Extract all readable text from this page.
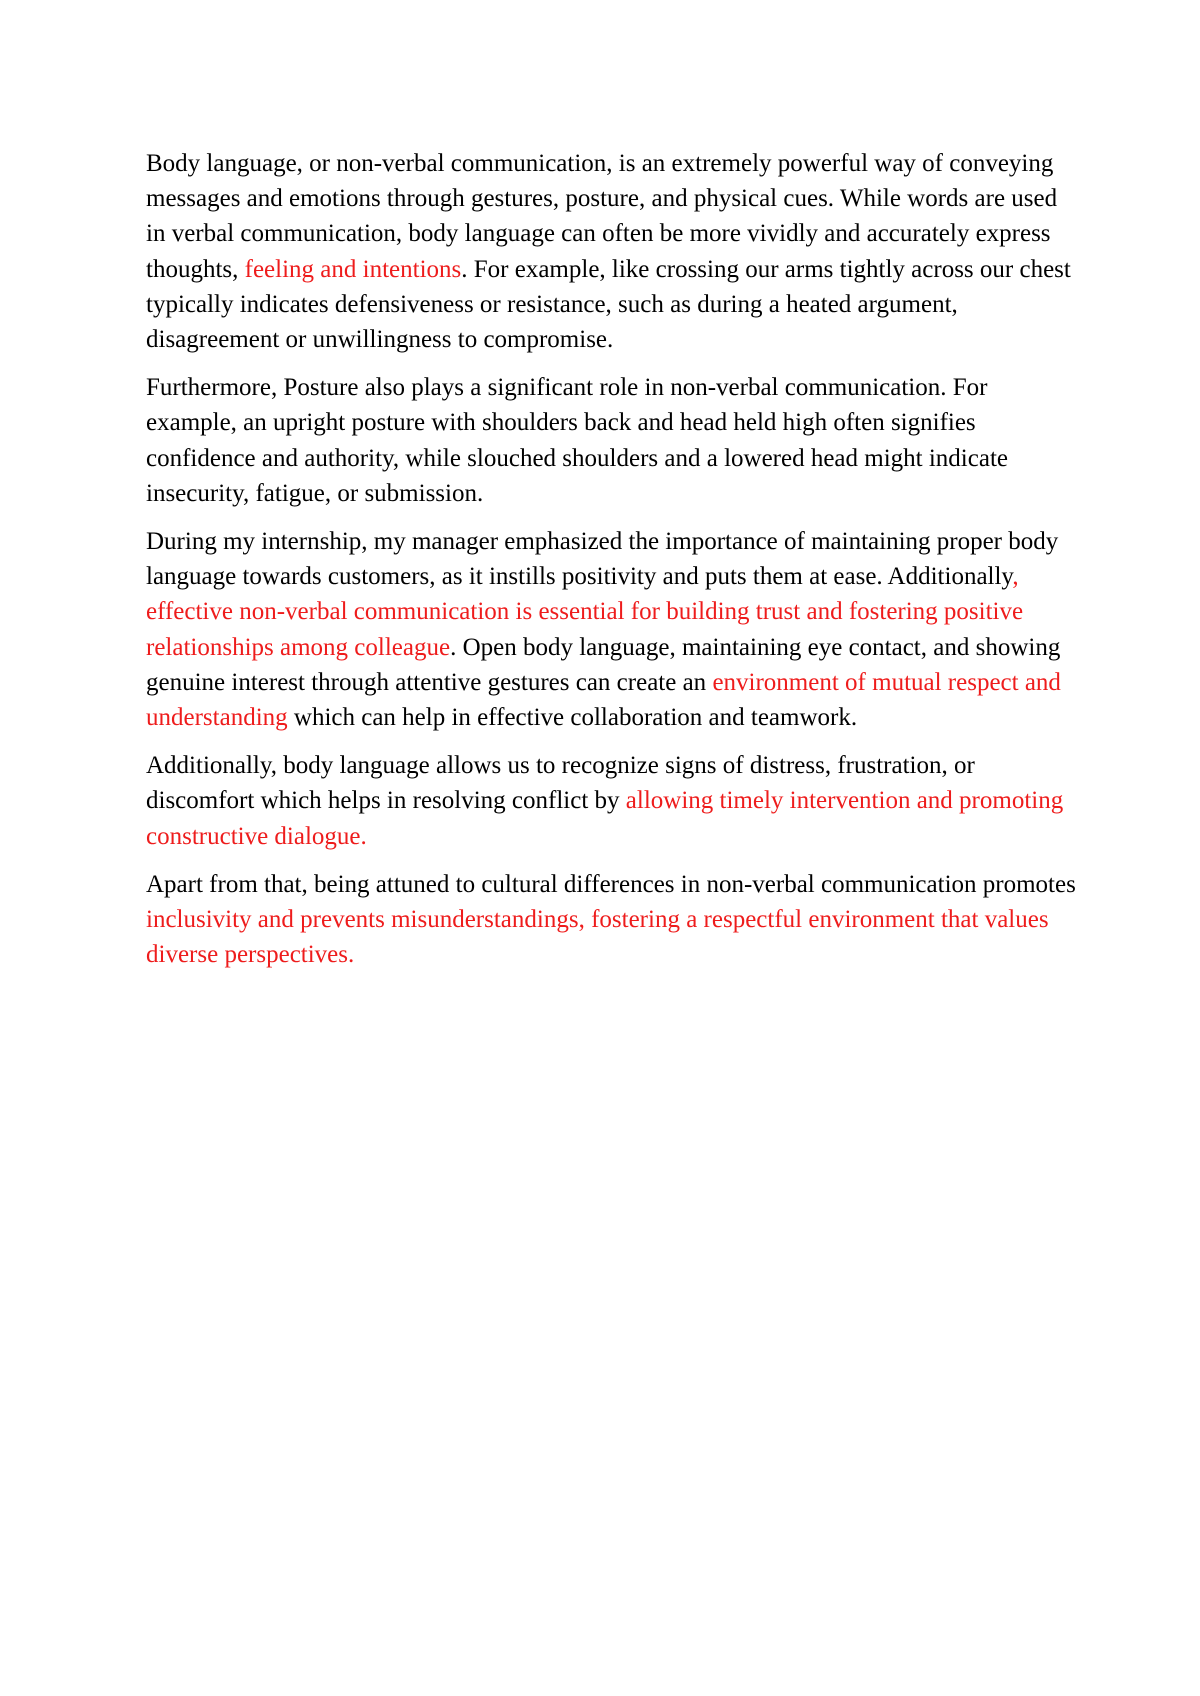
Body language, or non-verbal communication, is an extremely powerful way of conveying messages and emotions through gestures, posture, and physical cues. While words are used in verbal communication, body language can often be more vividly and accurately express thoughts, feeling and intentions. For example, like crossing our arms tightly across our chest typically indicates defensiveness or resistance, such as during a heated argument, disagreement or unwillingness to compromise.

Furthermore, Posture also plays a significant role in non-verbal communication. For example, an upright posture with shoulders back and head held high often signifies confidence and authority, while slouched shoulders and a lowered head might indicate insecurity, fatigue, or submission.

During my internship, my manager emphasized the importance of maintaining proper body language towards customers, as it instills positivity and puts them at ease. Additionally, effective non-verbal communication is essential for building trust and fostering positive relationships among colleague. Open body language, maintaining eye contact, and showing genuine interest through attentive gestures can create an environment of mutual respect and understanding which can help in effective collaboration and teamwork.

Additionally, body language allows us to recognize signs of distress, frustration, or discomfort which helps in resolving conflict by allowing timely intervention and promoting constructive dialogue.

Apart from that, being attuned to cultural differences in non-verbal communication promotes inclusivity and prevents misunderstandings, fostering a respectful environment that values diverse perspectives.
